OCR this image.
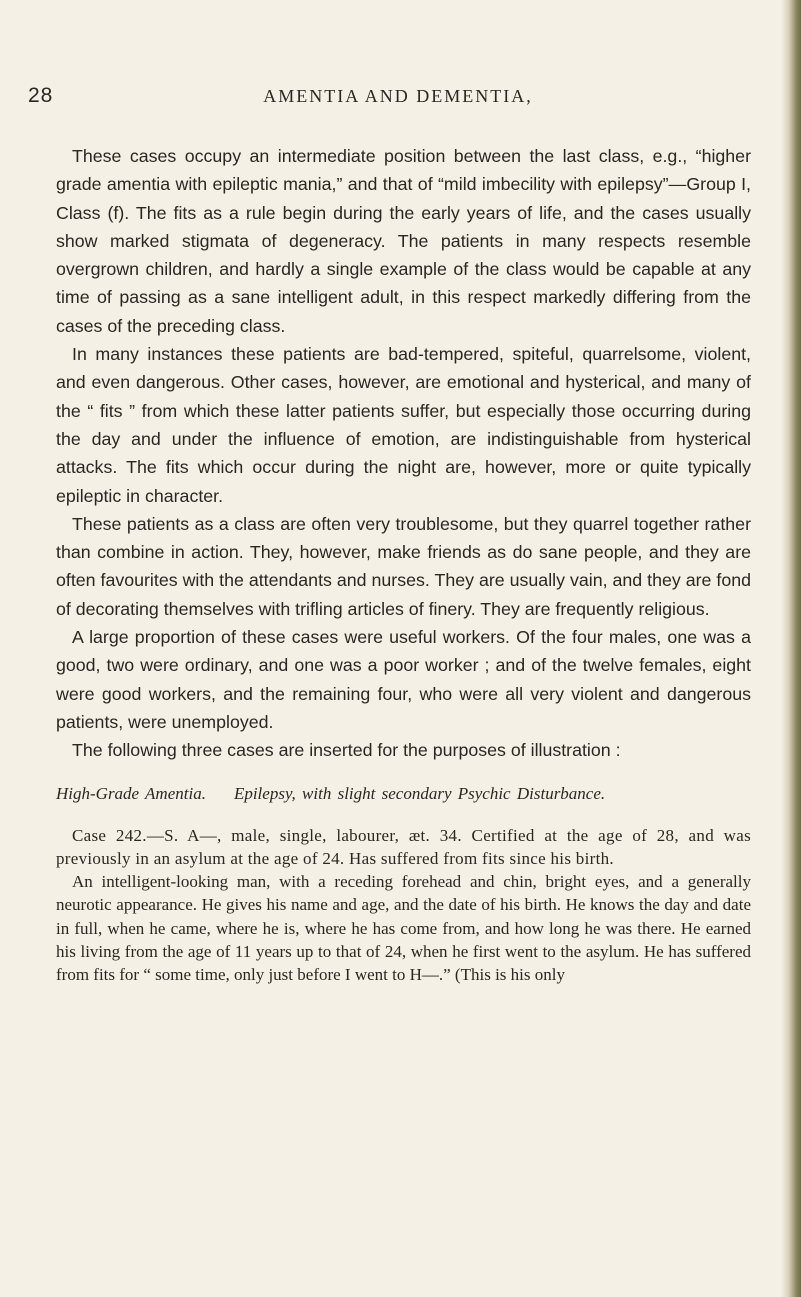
28	AMENTIA AND DEMENTIA,

These cases occupy an intermediate position between the last class, e.g., “higher grade amentia with epileptic mania,” and that of “mild imbecility with epilepsy”—Group I, Class (f). The fits as a rule begin during the early years of life, and the cases usually show marked stigmata of degeneracy. The patients in many respects resemble overgrown children, and hardly a single example of the class would be capable at any time of passing as a sane intelligent adult, in this respect markedly differing from the cases of the preceding class.

In many instances these patients are bad-tempered, spiteful, quarrelsome, violent, and even dangerous. Other cases, however, are emotional and hysterical, and many of the “ fits ” from which these latter patients suffer, but especially those occurring during the day and under the influence of emotion, are indistinguishable from hysterical attacks. The fits which occur during the night are, however, more or quite typically epileptic in character.

These patients as a class are often very troublesome, but they quarrel together rather than combine in action. They, however, make friends as do sane people, and they are often favourites with the attendants and nurses. They are usually vain, and they are fond of decorating themselves with trifling articles of finery. They are frequently religious.

A large proportion of these cases were useful workers. Of the four males, one was a good, two were ordinary, and one was a poor worker ; and of the twelve females, eight were good workers, and the remaining four, who were all very violent and dangerous patients, were unemployed.

The following three cases are inserted for the purposes of illustration :

High-Grade Amentia. Epilepsy, with slight secondary Psychic Disturbance.

Case 242.—S. A—, male, single, labourer, æt. 34. Certified at the age of 28, and was previously in an asylum at the age of 24. Has suffered from fits since his birth.

An intelligent-looking man, with a receding forehead and chin, bright eyes, and a generally neurotic appearance. He gives his name and age, and the date of his birth. He knows the day and date in full, when he came, where he is, where he has come from, and how long he was there. He earned his living from the age of 11 years up to that of 24, when he first went to the asylum. He has suffered from fits for “ some time, only just before I went to H—.” (This is his only
